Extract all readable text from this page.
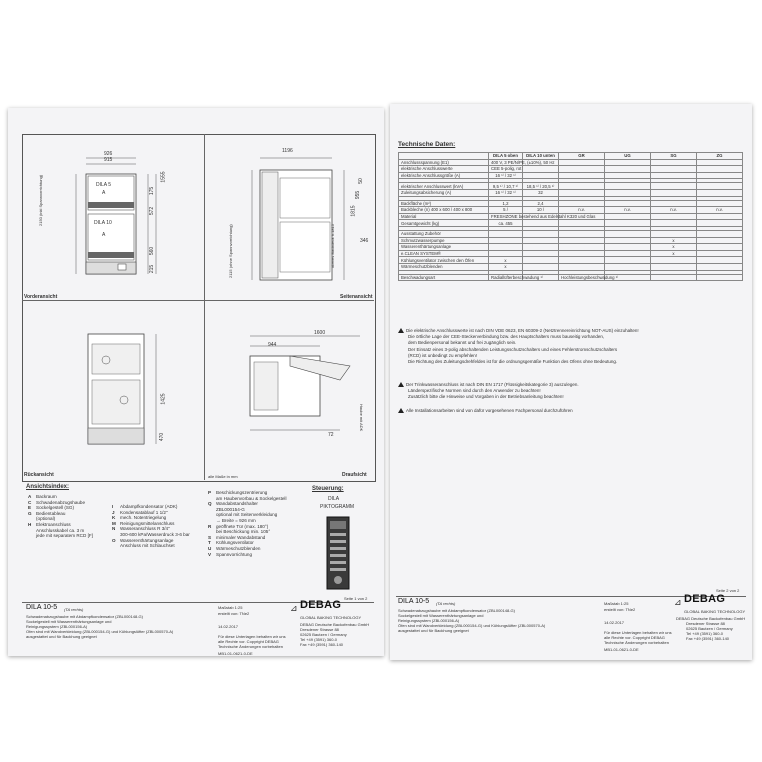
926
915
1555
572
175
560
215
2150 (inkl Spannvorrichtung)	DILA 5
A
DILA 10
A
Vorderansicht
1196
50
955
346
1815
2115 (ohne Spannvorrichtung)	oberes Backdeck h.1815
Seitenansicht
1425
470
Rückansicht
1600
944
72
Haube mit ADK
alle Maße in mm	Draufsicht
Ansichtsindex:
A Backraum
C Schwadenabzugshaube
E Sockelgestell (SG)
G Bedientableau
(optional)
H Elektroanschluss
Anschlusskabel ca. 3 m
jede mit separatem RCD [F]
I Abdampfkondensator (ADK)
J Kondensatablauf 1 1/2"
K mech. Notentriegelung
M Reinigungsmittelanschluss
N Wasseranschluss R 3/4"
300-600 kPa/Wasserdruck 3-6 bar
O Wasserenthärtungsanlage
Anschluss mit Schlauchset
P Beschickungszentrierung
am Haubenvorbau & Sockelgestell
Q Wandabstandshalter
ZBL000154-G
optional mit Seitenverkleidung
→ Breite = 926 mm
R geöffnete Tür (max. 180°)
bei Beschickung min. 105°
S minimaler Wandabstand
T Kühlungsventilator
U Wärmeschutzblenden
V Spannvorrichtung
Steuerung:
DILA
PIKTOGRAMM
Seite 1 von 2
DILA 10-5 (TA rechts)
Schwadenabzugshaube mit Abdampfkondensator (ZBL000148-G)
Sockelgestell mit Wasserenthärtungsanlage und
Reinigungssystem (ZBL000156-A)
Ofen sind mit Wandverkleidung (ZBL000154-G) und Kühlungslüfter (ZBL000570-A)
ausgestattet und für Backhung geeignet
Maßstab 1:25
erstellt von: TNe2
14.02.2017
Für diese Unterlagen behalten wir uns
alle Rechte vor. Copyright DEBAG
Technische Änderungen vorbehalten
⊿ DEBAG
GLOBAL BAKING TECHNOLOGY
DEBAG Deutsche Backofenbau GmbH
Dresdener Strasse 88
02625 Bautzen / Germany
Tel +49 (3591) 360-0
Fax +49 (3591) 360-140
MB1-01-0621-0-DE
Technische Daten:
	DILA 5 oben	DILA 10 unten	GR	UG	SG	ZG
Anschlussspannung (E1)	400 V, 3 PE/N/PE, (±10%), 50 Hz					
elektrische Anschlusswerte	CEE 5-polig, rot					
elektrische Anschlussgröße (A)	16 ¹⁾ / 32 ¹⁾					

elektrischer Anschlusswert (kVA)	9,5 ¹⁾ / 10,7 ¹⁾	18,5 ¹⁾ / 20,5 ¹⁾				
Zuleitungsabsicherung (A)	16 ¹⁾ / 32 ¹⁾	32				

Backfläche (m²)	1,2	2,4				
Backbleche (n) 400 x 600 / 400 x 800	5 /	10 /	n.v.	n.v.	n.v.	n.v.
Material	FRESHZONE bestehend aus Edelstahl K320 und Glas					
Gesamtgewicht (kg)	ca. 455					

Ausstattung Zubehör						
Schmutzwasserpumpe					x	
Wasserenthärtungsanlage					x	
e.CLEAN SYSTEM®					x	
Kühlungsventilator zwischen den Öfen	x					
Wärmeschutzblenden	x					

Beschwadungsart	Radiallüfterbeschwadung ¹⁾		Hochleistungsbeschwadung ¹⁾			
Die elektrische Anschlusswerte ist nach DIN VDE 0623, EN 60309-2 (Netztrennereinrichtung NOT-AUS) einzuhalten!
Die örtliche Lage der CEE-Steckerverbindung bzw. des Hauptschalters muss bauseitig vorhanden,
dem Bedienpersonal bekannt und frei zugänglich sein.
Der Einsatz eines 3-polig abschaltenden Leistungsschutzschalters und eines Fehlerstromschutzschalters
(RCD) ist unbedingt zu empfehlen!
Die Richtung des Zuleitungsdrehfeldes ist für die ordnungsgemäße Funktion des Ofens ohne Bedeutung.
Der Trinkwasseranschluss ist nach DIN EN 1717 (Flüssigkeitskategorie 3) auszulegen.
Länderspezifische Normen sind durch den Anwender zu beachten!
Zusätzlich bitte die Hinweise und Vorgaben in der Betriebsanleitung beachten!
Alle Installationsarbeiten sind von dafür vorgesehenen Fachpersonal durchzuführen
Seite 2 von 2
DILA 10-5 (TA rechts)
Schwadenabzugshaube mit Abdampfkondensator (ZBL000148-G)
Sockelgestell mit Wasserenthärtungsanlage und
Reinigungssystem (ZBL000156-A)
Öfen sind mit Wandverkleidung (ZBL000154-G) und Kühlungslüfter (ZBL000570-A)
ausgestattet und für Backhung geeignet
Maßstab 1:25
erstellt von: TNe2
14.02.2017
Für diese Unterlagen behalten wir uns
alle Rechte vor. Copyright DEBAG
Technische Änderungen vorbehalten
⊿ DEBAG
GLOBAL BAKING TECHNOLOGY
DEBAG Deutsche Backofenbau GmbH
Dresdener Strasse 88
02625 Bautzen / Germany
Tel +49 (3591) 360-0
Fax +49 (3591) 360-140
MB1-01-0621-0-DE
